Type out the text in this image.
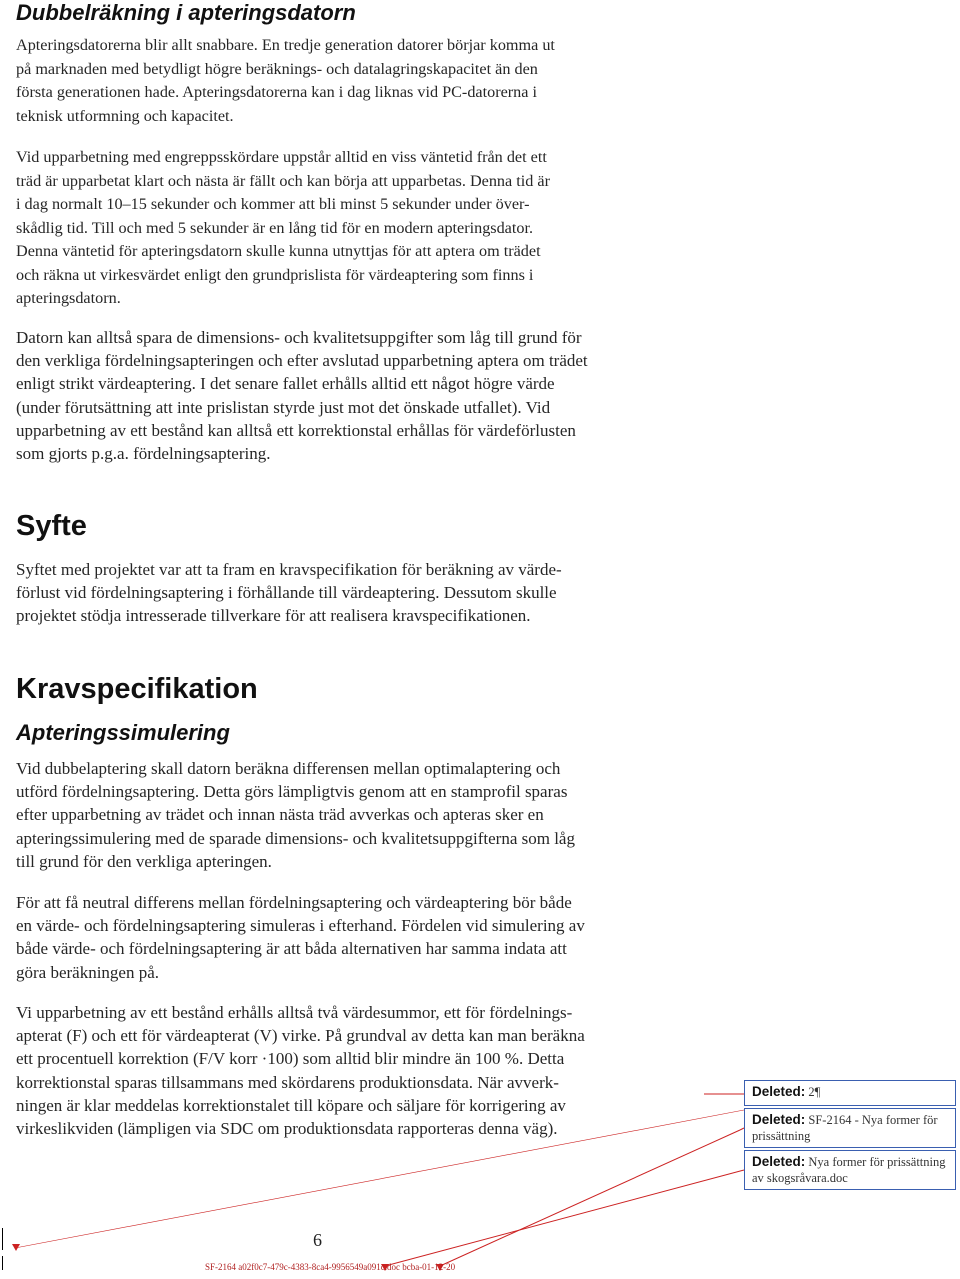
Dubbelräkning i apteringsdatorn

Apteringsdatorerna blir allt snabbare. En tredje generation datorer börjar komma ut
på marknaden med betydligt högre beräknings- och datalagringskapacitet än den
första generationen hade. Apteringsdatorerna kan i dag liknas vid PC-datorerna i
teknisk utformning och kapacitet.

Vid upparbetning med engreppsskördare uppstår alltid en viss väntetid från det ett
träd är upparbetat klart och nästa är fällt och kan börja att upparbetas. Denna tid är
i dag normalt 10–15 sekunder och kommer att bli minst 5 sekunder under över-
skådlig tid. Till och med 5 sekunder är en lång tid för en modern apteringsdator.
Denna väntetid för apteringsdatorn skulle kunna utnyttjas för att aptera om trädet
och räkna ut virkesvärdet enligt den grundprislista för värdeaptering som finns i
apteringsdatorn.

Datorn kan alltså spara de dimensions- och kvalitetsuppgifter som låg till grund för
den verkliga fördelningsapteringen och efter avslutad upparbetning aptera om trädet
enligt strikt värdeaptering. I det senare fallet erhålls alltid ett något högre värde
(under förutsättning att inte prislistan styrde just mot det önskade utfallet). Vid
upparbetning av ett bestånd kan alltså ett korrektionstal erhållas för värdeförlusten
som gjorts p.g.a. fördelningsaptering.

Syfte

Syftet med projektet var att ta fram en kravspecifikation för beräkning av värde-
förlust vid fördelningsaptering i förhållande till värdeaptering. Dessutom skulle
projektet stödja intresserade tillverkare för att realisera kravspecifikationen.

Kravspecifikation
Apteringssimulering

Vid dubbelaptering skall datorn beräkna differensen mellan optimalaptering och
utförd fördelningsaptering. Detta görs lämpligtvis genom att en stamprofil sparas
efter upparbetning av trädet och innan nästa träd avverkas och apteras sker en
apteringssimulering med de sparade dimensions- och kvalitetsuppgifterna som låg
till grund för den verkliga apteringen.

För att få neutral differens mellan fördelningsaptering och värdeaptering bör både
en värde- och fördelningsaptering simuleras i efterhand. Fördelen vid simulering av
både värde- och fördelningsaptering är att båda alternativen har samma indata att
göra beräkningen på.

Vi upparbetning av ett bestånd erhålls alltså två värdesummor, ett för fördelnings-
apterat (F) och ett för värdeapterat (V) virke. På grundval av detta kan man beräkna
ett procentuell korrektion (F/V korr ·100) som alltid blir mindre än 100 %. Detta
korrektionstal sparas tillsammans med skördarens produktionsdata. När avverk-
ningen är klar meddelas korrektionstalet till köpare och säljare för korrigering av
virkeslikviden (lämpligen via SDC om produktionsdata rapporteras denna väg).

Deleted: 2¶
Deleted: SF-2164 - Nya former för prissättning
Deleted: Nya former för prissättning av skogsråvara.doc
6
SF-2164 a02f0c7-479c-4383-8ca4-9956549a091c.doc bcba-01-12-20
